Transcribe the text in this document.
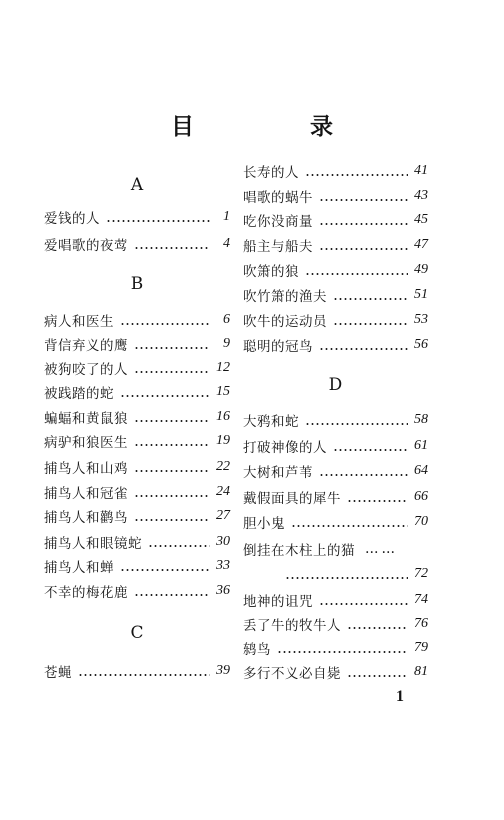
目 录
A
爱钱的人	1
爱唱歌的夜莺	4
B
病人和医生	6
背信弃义的鹰	9
被狗咬了的人	12
被践踏的蛇	15
蝙蝠和黄鼠狼	16
病驴和狼医生	19
捕鸟人和山鸡	22
捕鸟人和冠雀	24
捕鸟人和鹳鸟	27
捕鸟人和眼镜蛇	30
捕鸟人和蝉	33
不幸的梅花鹿	36
C
苍蝇	39
长寿的人	41
唱歌的蜗牛	43
吃你没商量	45
船主与船夫	47
吹箫的狼	49
吹竹箫的渔夫	51
吹牛的运动员	53
聪明的冠鸟	56
D
大鸦和蛇	58
打破神像的人	61
大树和芦苇	64
戴假面具的犀牛	66
胆小鬼	70
倒挂在木柱上的猫 ……
72
地神的诅咒	74
丢了牛的牧牛人	76
鸫鸟	79
多行不义必自毙	81
1
